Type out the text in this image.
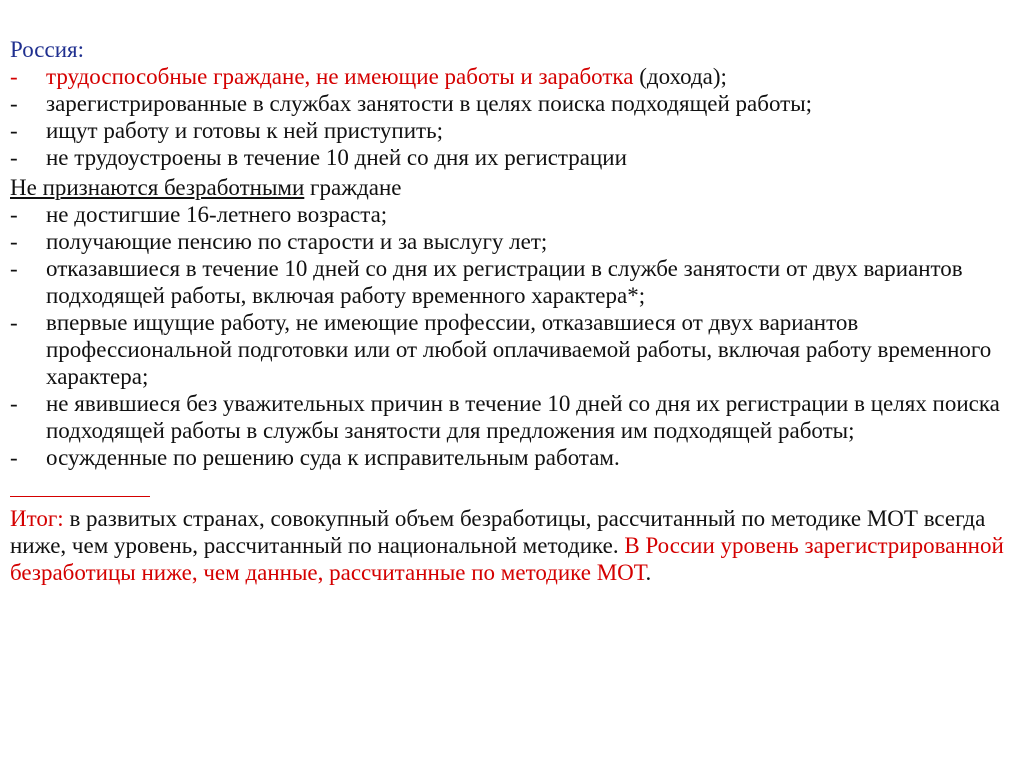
Россия:
-	трудоспособные граждане, не имеющие работы и заработка (дохода);
-	зарегистрированные в службах занятости в целях поиска подходящей работы;
-	ищут работу и готовы к ней приступить;
-	не трудоустроены в течение 10 дней со дня их регистрации
Не признаются безработными граждане
-	не достигшие 16-летнего возраста;
-	получающие пенсию по старости и за выслугу лет;
-	отказавшиеся в течение 10 дней со дня их регистрации в службе занятости от двух вариантов подходящей работы, включая работу временного характера*;
-	впервые ищущие работу, не имеющие профессии, отказавшиеся от двух вариантов профессиональной подготовки или от любой оплачиваемой работы, включая работу временного характера;
-	не явившиеся без уважительных причин в течение 10 дней со дня их регистрации в целях поиска подходящей работы в службы занятости для предложения им подходящей работы;
-	осужденные по решению суда к исправительным работам.
Итог: в развитых странах, совокупный объем безработицы, рассчитанный по методике МОТ всегда ниже, чем уровень, рассчитанный по национальной методике. В России уровень зарегистрированной безработицы ниже, чем данные, рассчитанные по методике МОТ.
